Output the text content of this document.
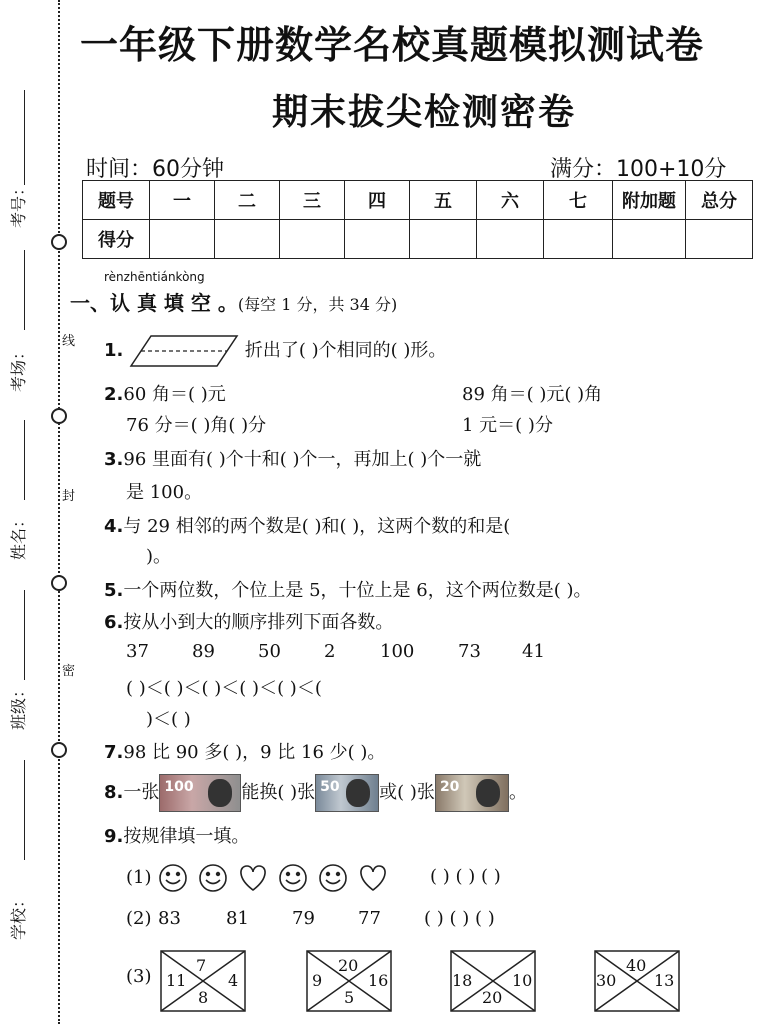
考号：
考场：
姓名：
班级：
学校：
线
封
密
一年级下册数学名校真题模拟测试卷
期末拔尖检测密卷
时间：60分钟	满分：100+10分
题号	一	二	三	四	五	六	七	附加题	总分
得分									
rènzhēntiánkòng
一、认 真 填 空 。(每空 1 分，共 34 分)
1.	折出了( )个相同的( )形。
2.60 角＝( )元	89 角＝( )元( )角
76 分＝( )角( )分	1 元＝( )分
3.96 里面有( )个十和( )个一，再加上( )个一就
是 100。
4.与 29 相邻的两个数是( )和( )，这两个数的和是(
)。
5.一个两位数，个位上是 5，十位上是 6，这个两位数是( )。
6.按从小到大的顺序排列下面各数。
37 89 50 2 100 73 41
( )＜( )＜( )＜( )＜( )＜(
)＜( )
7.98 比 90 多( )，9 比 16 少( )。
8.一张 100	能换( )张 50 或( )张 20	。
9.按规律填一填。
(1)	( ) ( ) ( )
(2) 83	81 79 77 ( ) ( ) ( )
(3)
7
11	4
8
20
9	16
5
18 10
20
40
30 13
